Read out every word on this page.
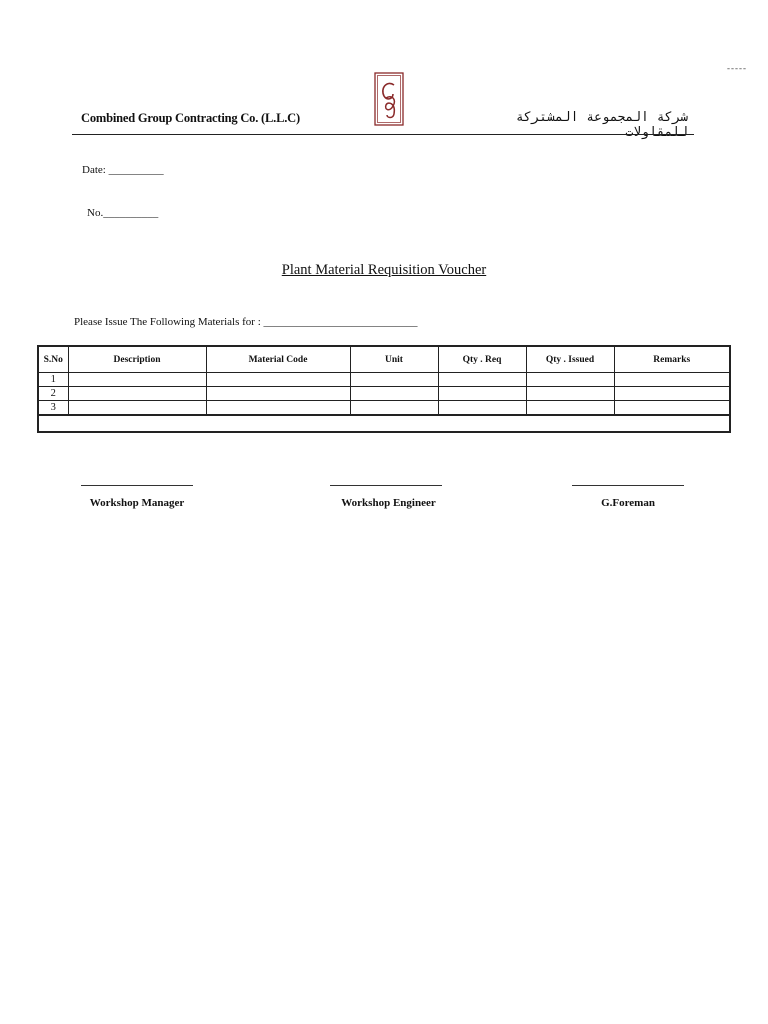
-----
Combined Group Contracting Co. (L.L.C)	شركة المجموعة المشتركة للمقاولات
Date: __________
No.__________
Plant Material Requisition Voucher
Please Issue The Following Materials for : ____________________________
S.No	Description	Material Code	Unit	Qty . Req	Qty . Issued	Remarks
1						
2						
3						

Workshop Manager	Workshop Engineer	G.Foreman
